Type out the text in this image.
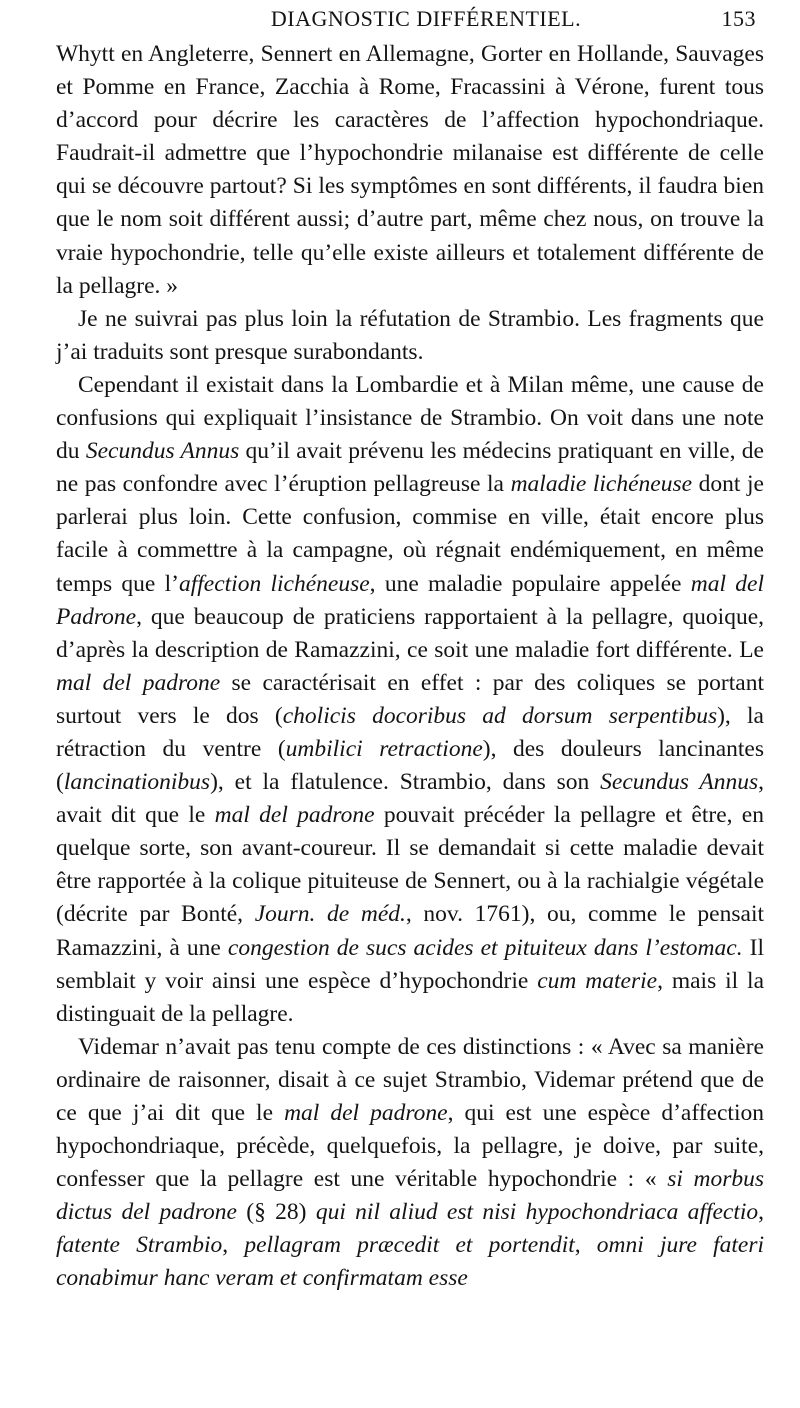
DIAGNOSTIC DIFFÉRENTIEL.	153

Whytt en Angleterre, Sennert en Allemagne, Gorter en Hollande, Sauvages et Pomme en France, Zacchia à Rome, Fracassini à Vérone, furent tous d’accord pour décrire les caractères de l’affection hypochondriaque. Faudrait-il admettre que l’hypochondrie milanaise est différente de celle qui se découvre partout? Si les symptômes en sont différents, il faudra bien que le nom soit différent aussi; d’autre part, même chez nous, on trouve la vraie hypochondrie, telle qu’elle existe ailleurs et totalement différente de la pellagre. »

Je ne suivrai pas plus loin la réfutation de Strambio. Les fragments que j’ai traduits sont presque surabondants.

Cependant il existait dans la Lombardie et à Milan même, une cause de confusions qui expliquait l’insistance de Strambio. On voit dans une note du Secundus Annus qu’il avait prévenu les médecins pratiquant en ville, de ne pas confondre avec l’éruption pellagreuse la maladie lichéneuse dont je parlerai plus loin. Cette confusion, commise en ville, était encore plus facile à commettre à la campagne, où régnait endémiquement, en même temps que l’affection lichéneuse, une maladie populaire appelée mal del Padrone, que beaucoup de praticiens rapportaient à la pellagre, quoique, d’après la description de Ramazzini, ce soit une maladie fort différente. Le mal del padrone se caractérisait en effet : par des coliques se portant surtout vers le dos (cholicis docoribus ad dorsum serpentibus), la rétraction du ventre (umbilici retractione), des douleurs lancinantes (lancinationibus), et la flatulence. Strambio, dans son Secundus Annus, avait dit que le mal del padrone pouvait précéder la pellagre et être, en quelque sorte, son avant-coureur. Il se demandait si cette maladie devait être rapportée à la colique pituiteuse de Sennert, ou à la rachialgie végétale (décrite par Bonté, Journ. de méd., nov. 1761), ou, comme le pensait Ramazzini, à une congestion de sucs acides et pituiteux dans l’estomac. Il semblait y voir ainsi une espèce d’hypochondrie cum materie, mais il la distinguait de la pellagre.

Videmar n’avait pas tenu compte de ces distinctions : « Avec sa manière ordinaire de raisonner, disait à ce sujet Strambio, Videmar prétend que de ce que j’ai dit que le mal del padrone, qui est une espèce d’affection hypochondriaque, précède, quelquefois, la pellagre, je doive, par suite, confesser que la pellagre est une véritable hypochondrie : « si morbus dictus del padrone (§ 28) qui nil aliud est nisi hypochondriaca affectio, fatente Strambio, pellagram præcedit et portendit, omni jure fateri conabimur hanc veram et confirmatam esse
